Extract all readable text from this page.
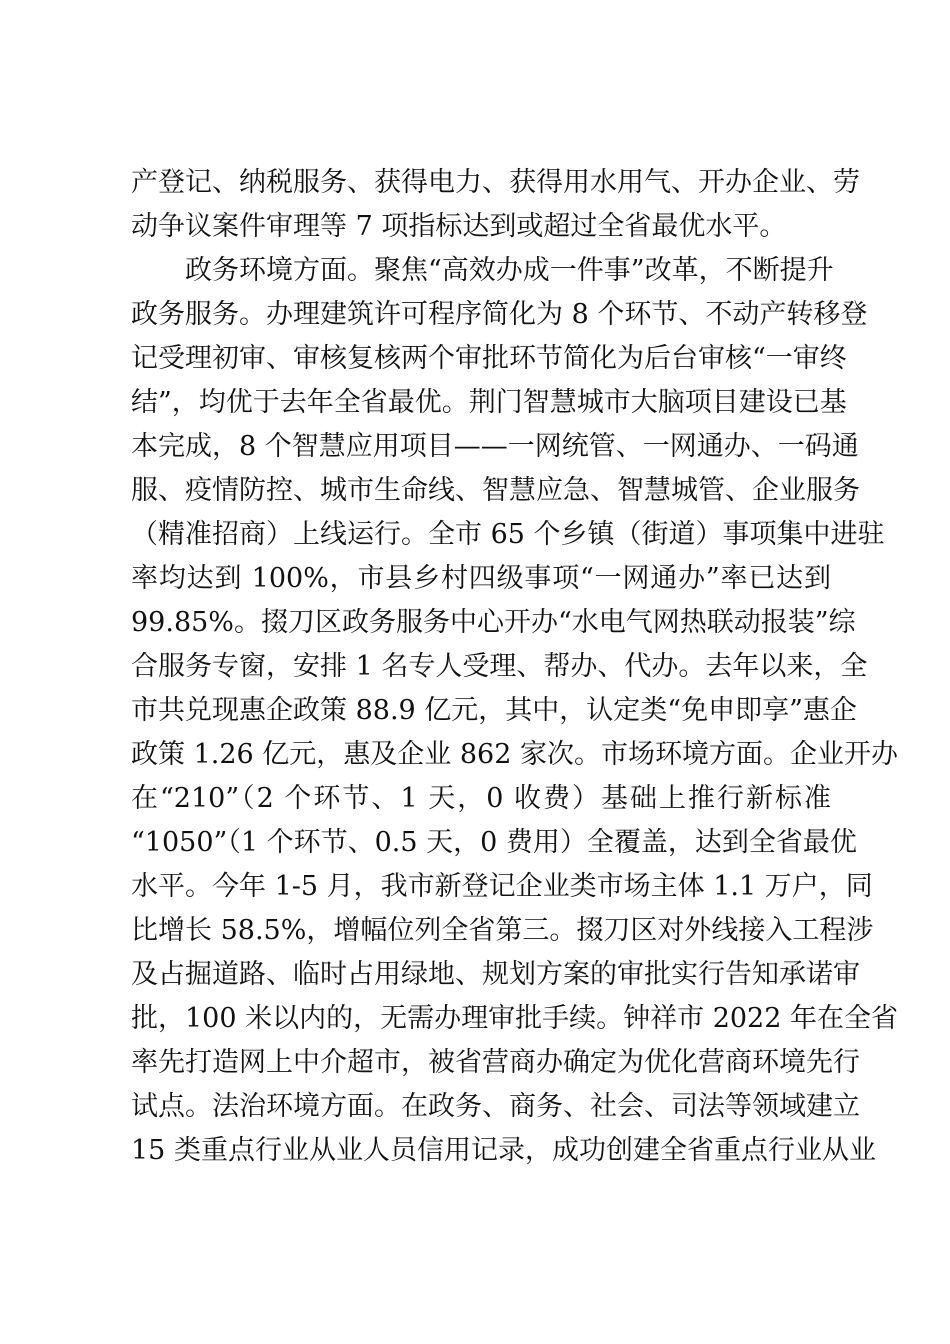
产登记、纳税服务、获得电力、获得用水用气、开办企业、劳
动争议案件审理等 7 项指标达到或超过全省最优水平。
政务环境方面。聚焦“高效办成一件事”改革，不断提升
政务服务。办理建筑许可程序简化为 8 个环节、不动产转移登
记受理初审、审核复核两个审批环节简化为后台审核“一审终
结”，均优于去年全省最优。荆门智慧城市大脑项目建设已基
本完成，8 个智慧应用项目——一网统管、一网通办、一码通
服、疫情防控、城市生命线、智慧应急、智慧城管、企业服务
（精准招商）上线运行。全市 65 个乡镇（街道）事项集中进驻
率均达到 100%，市县乡村四级事项“一网通办”率已达到
99.85%。掇刀区政务服务中心开办“水电气网热联动报装”综
合服务专窗，安排 1 名专人受理、帮办、代办。去年以来，全
市共兑现惠企政策 88.9 亿元，其中，认定类“免申即享”惠企
政策 1.26 亿元，惠及企业 862 家次。市场环境方面。企业开办
在“210”（2 个环节、1 天，0 收费）基础上推行新标准
“1050”（1 个环节、0.5 天，0 费用）全覆盖，达到全省最优
水平。今年 1-5 月，我市新登记企业类市场主体 1.1 万户，同
比增长 58.5%，增幅位列全省第三。掇刀区对外线接入工程涉
及占掘道路、临时占用绿地、规划方案的审批实行告知承诺审
批，100 米以内的，无需办理审批手续。钟祥市 2022 年在全省
率先打造网上中介超市，被省营商办确定为优化营商环境先行
试点。法治环境方面。在政务、商务、社会、司法等领域建立
15 类重点行业从业人员信用记录，成功创建全省重点行业从业
